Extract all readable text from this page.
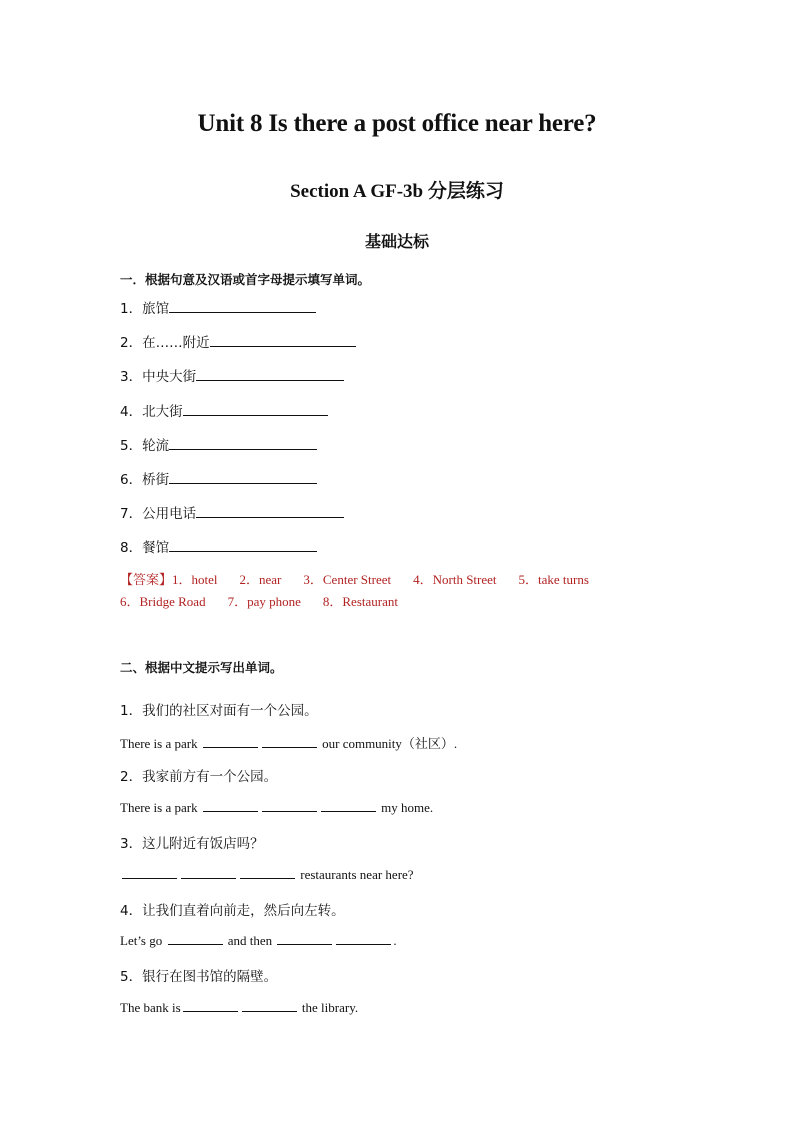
Unit 8 Is there a post office near here?
Section A GF-3b 分层练习
基础达标
一．根据句意及汉语或首字母提示填写单词。
1．旅馆
2．在……附近
3．中央大街
4．北大街
5．轮流
6．桥街
7．公用电话
8．餐馆
【答案】1．hotel 2．near 3．Center Street 4．North Street 5．take turns
6．Bridge Road 7．pay phone 8．Restaurant
二、根据中文提示写出单词。
1．我们的社区对面有一个公园。
There is a park	our community（社区）.
2．我家前方有一个公园。
There is a park	my home.
3．这儿附近有饭店吗？
restaurants near here?
4．让我们直着向前走，然后向左转。
Let’s go	and then	.
5．银行在图书馆的隔壁。
The bank is	the library.
